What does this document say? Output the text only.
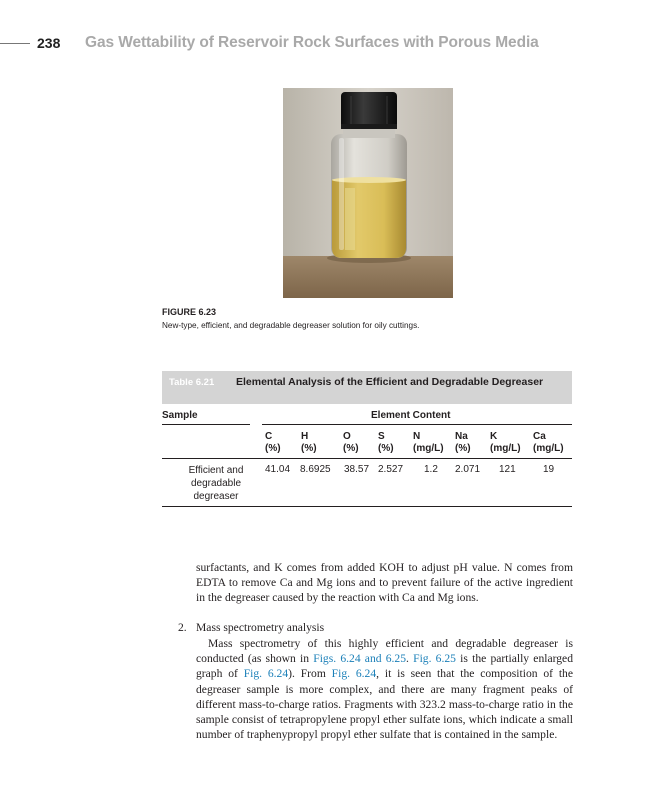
238 Gas Wettability of Reservoir Rock Surfaces with Porous Media
FIGURE 6.23
New-type, efficient, and degradable degreaser solution for oily cuttings.
Table 6.21 Elemental Analysis of the Efficient and Degradable Degreaser
Sample	Element Content
C
(%)
H
(%)
O
(%)
S
(%)
N
(mg/L)
Na
(%)
K
(mg/L)
Ca
(mg/L)
Efficient and degradable degreaser
41.04 8.6925 38.57 2.527 1.2 2.071 121	19

surfactants, and K comes from added KOH to adjust pH value. N comes from EDTA to remove Ca and Mg ions and to prevent failure of the active ingredient in the degreaser caused by the reaction with Ca and Mg ions.

2. Mass spectrometry analysis

Mass spectrometry of this highly efficient and degradable degreaser is conducted (as shown in Figs. 6.24 and 6.25. Fig. 6.25 is the partially enlarged graph of Fig. 6.24). From Fig. 6.24, it is seen that the composition of the degreaser sample is more complex, and there are many fragment peaks of different mass-to-charge ratios. Fragments with 323.2 mass-to-charge ratio in the sample consist of tetrapropylene propyl ether sulfate ions, which indicate a small number of traphenypropyl propyl ether sulfate that is contained in the sample.
